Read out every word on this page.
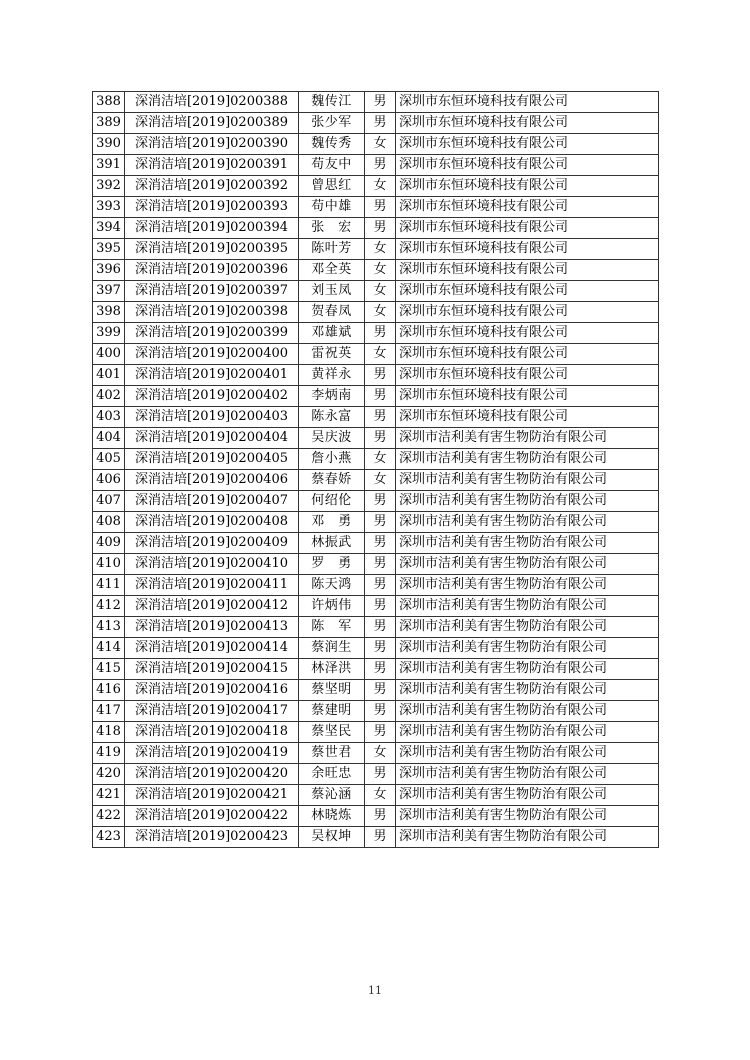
388	深消洁培[2019]0200388	魏传江	男	深圳市东恒环境科技有限公司
389	深消洁培[2019]0200389	张少军	男	深圳市东恒环境科技有限公司
390	深消洁培[2019]0200390	魏传秀	女	深圳市东恒环境科技有限公司
391	深消洁培[2019]0200391	苟友中	男	深圳市东恒环境科技有限公司
392	深消洁培[2019]0200392	曾思红	女	深圳市东恒环境科技有限公司
393	深消洁培[2019]0200393	苟中雄	男	深圳市东恒环境科技有限公司
394	深消洁培[2019]0200394	张　宏	男	深圳市东恒环境科技有限公司
395	深消洁培[2019]0200395	陈叶芳	女	深圳市东恒环境科技有限公司
396	深消洁培[2019]0200396	邓全英	女	深圳市东恒环境科技有限公司
397	深消洁培[2019]0200397	刘玉凤	女	深圳市东恒环境科技有限公司
398	深消洁培[2019]0200398	贺春凤	女	深圳市东恒环境科技有限公司
399	深消洁培[2019]0200399	邓雄斌	男	深圳市东恒环境科技有限公司
400	深消洁培[2019]0200400	雷祝英	女	深圳市东恒环境科技有限公司
401	深消洁培[2019]0200401	黄祥永	男	深圳市东恒环境科技有限公司
402	深消洁培[2019]0200402	李炳南	男	深圳市东恒环境科技有限公司
403	深消洁培[2019]0200403	陈永富	男	深圳市东恒环境科技有限公司
404	深消洁培[2019]0200404	吴庆波	男	深圳市洁利美有害生物防治有限公司
405	深消洁培[2019]0200405	詹小燕	女	深圳市洁利美有害生物防治有限公司
406	深消洁培[2019]0200406	蔡春娇	女	深圳市洁利美有害生物防治有限公司
407	深消洁培[2019]0200407	何绍伦	男	深圳市洁利美有害生物防治有限公司
408	深消洁培[2019]0200408	邓　勇	男	深圳市洁利美有害生物防治有限公司
409	深消洁培[2019]0200409	林振武	男	深圳市洁利美有害生物防治有限公司
410	深消洁培[2019]0200410	罗　勇	男	深圳市洁利美有害生物防治有限公司
411	深消洁培[2019]0200411	陈天鸿	男	深圳市洁利美有害生物防治有限公司
412	深消洁培[2019]0200412	许炳伟	男	深圳市洁利美有害生物防治有限公司
413	深消洁培[2019]0200413	陈　军	男	深圳市洁利美有害生物防治有限公司
414	深消洁培[2019]0200414	蔡润生	男	深圳市洁利美有害生物防治有限公司
415	深消洁培[2019]0200415	林泽洪	男	深圳市洁利美有害生物防治有限公司
416	深消洁培[2019]0200416	蔡坚明	男	深圳市洁利美有害生物防治有限公司
417	深消洁培[2019]0200417	蔡建明	男	深圳市洁利美有害生物防治有限公司
418	深消洁培[2019]0200418	蔡坚民	男	深圳市洁利美有害生物防治有限公司
419	深消洁培[2019]0200419	蔡世君	女	深圳市洁利美有害生物防治有限公司
420	深消洁培[2019]0200420	余旺忠	男	深圳市洁利美有害生物防治有限公司
421	深消洁培[2019]0200421	蔡沁涵	女	深圳市洁利美有害生物防治有限公司
422	深消洁培[2019]0200422	林晓炼	男	深圳市洁利美有害生物防治有限公司
423	深消洁培[2019]0200423	吴权坤	男	深圳市洁利美有害生物防治有限公司
11
